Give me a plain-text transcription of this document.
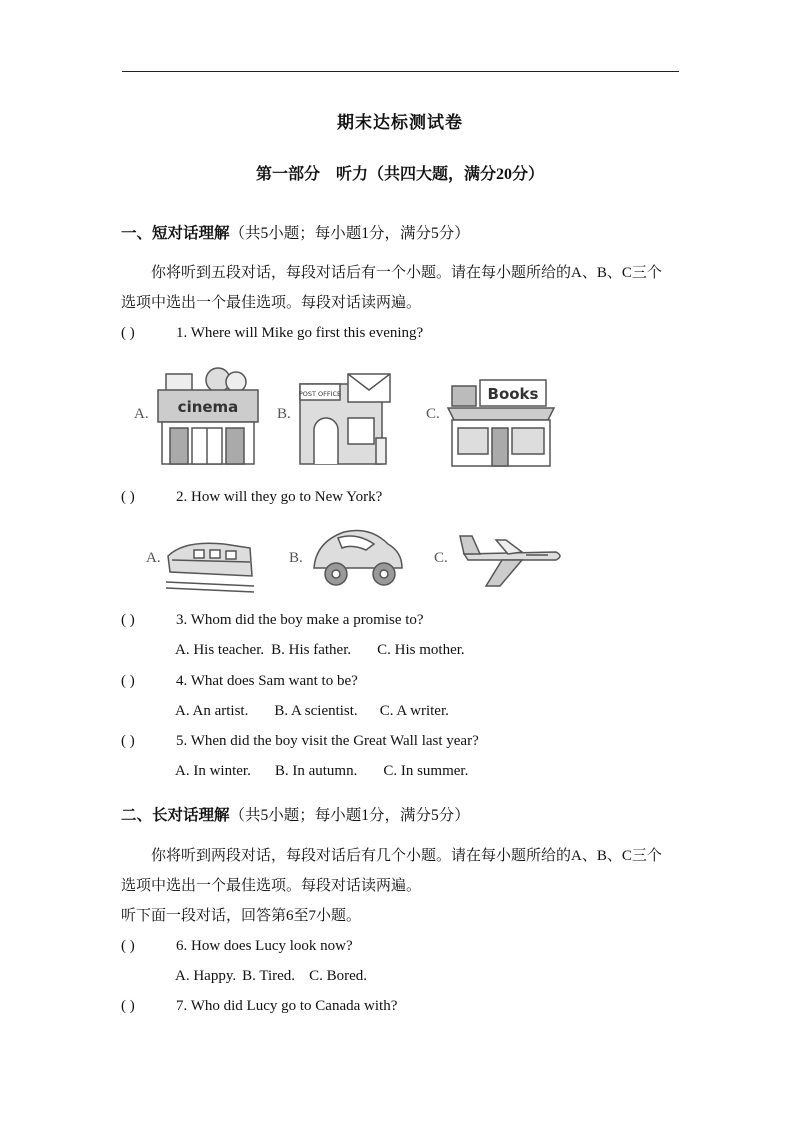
期末达标测试卷
第一部分　听力（共四大题，满分20分）
一、短对话理解（共5小题；每小题1分，满分5分）
你将听到五段对话，每段对话后有一个小题。请在每小题所给的A、B、C三个
选项中选出一个最佳选项。每段对话读两遍。
( )	1. Where will Mike go first this evening?
A. cinema	B.
POST OFFICE
C.
Books
( )	2. How will they go to New York?
A.	B.	C.
( )	3. Whom did the boy make a promise to?
A. His teacher. B. His father. C. His mother.
( )	4. What does Sam want to be?
A. An artist. B. A scientist. C. A writer.
( )	5. When did the boy visit the Great Wall last year?
A. In winter. B. In autumn. C. In summer.
二、长对话理解（共5小题；每小题1分，满分5分）
你将听到两段对话，每段对话后有几个小题。请在每小题所给的A、B、C三个
选项中选出一个最佳选项。每段对话读两遍。
听下面一段对话，回答第6至7小题。
( )	6. How does Lucy look now?
A. Happy. B. Tired. C. Bored.
( )	7. Who did Lucy go to Canada with?
